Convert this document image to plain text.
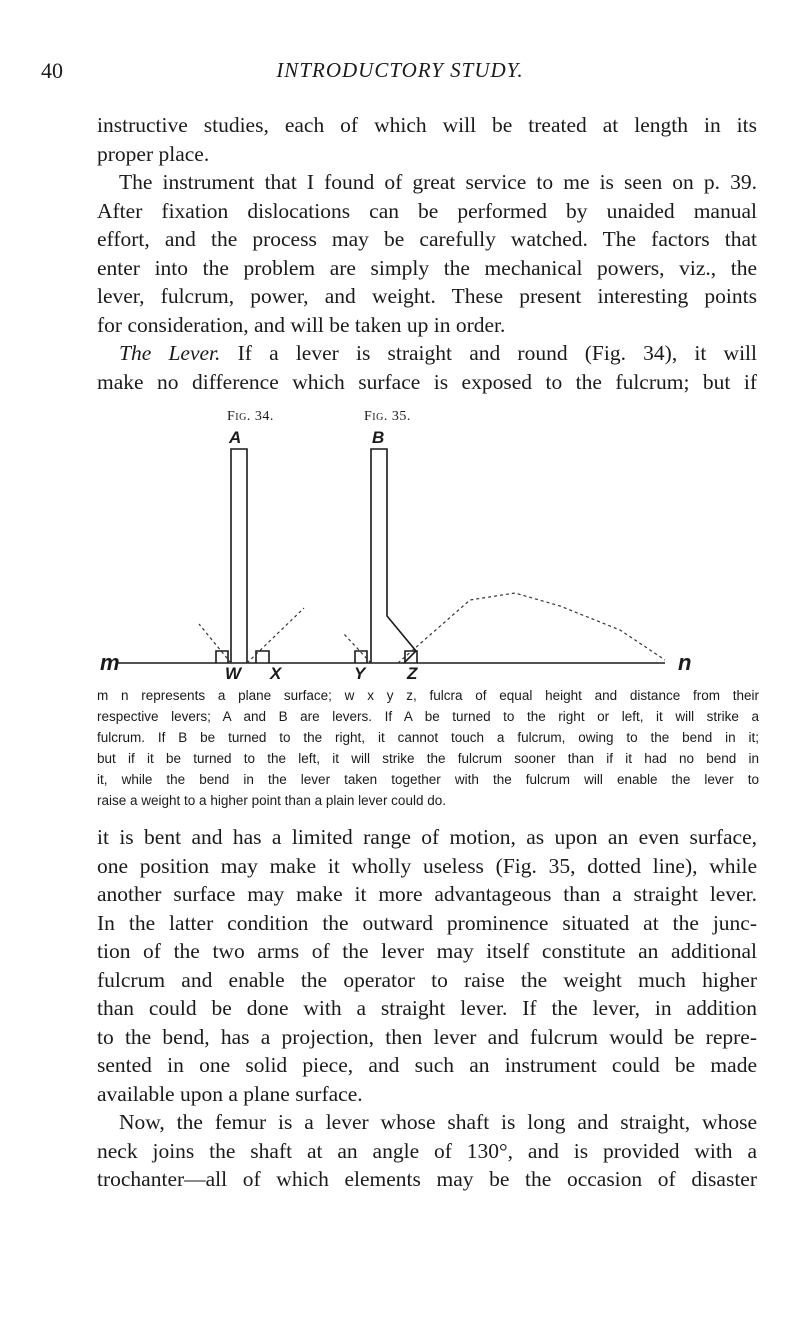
40	INTRODUCTORY STUDY.

instructive studies, each of which will be treated at length in its
proper place.

The instrument that I found of great service to me is seen on p. 39.
After fixation dislocations can be performed by unaided manual
effort, and the process may be carefully watched. The factors that
enter into the problem are simply the mechanical powers, viz., the
lever, fulcrum, power, and weight. These present interesting points
for consideration, and will be taken up in order.

The Lever. If a lever is straight and round (Fig. 34), it will
make no difference which surface is exposed to the fulcrum; but if

Fig. 34.	Fig. 35.
A	B
m	n
W X	Y Z

m n represents a plane surface; w x y z, fulcra of equal height and distance from their
respective levers; A and B are levers. If A be turned to the right or left, it will strike a
fulcrum. If B be turned to the right, it cannot touch a fulcrum, owing to the bend in it;
but if it be turned to the left, it will strike the fulcrum sooner than if it had no bend in
it, while the bend in the lever taken together with the fulcrum will enable the lever to
raise a weight to a higher point than a plain lever could do.

it is bent and has a limited range of motion, as upon an even surface,
one position may make it wholly useless (Fig. 35, dotted line), while
another surface may make it more advantageous than a straight lever.
In the latter condition the outward prominence situated at the junc-
tion of the two arms of the lever may itself constitute an additional
fulcrum and enable the operator to raise the weight much higher
than could be done with a straight lever. If the lever, in addition
to the bend, has a projection, then lever and fulcrum would be repre-
sented in one solid piece, and such an instrument could be made
available upon a plane surface.

Now, the femur is a lever whose shaft is long and straight, whose
neck joins the shaft at an angle of 130°, and is provided with a
trochanter—all of which elements may be the occasion of disaster
